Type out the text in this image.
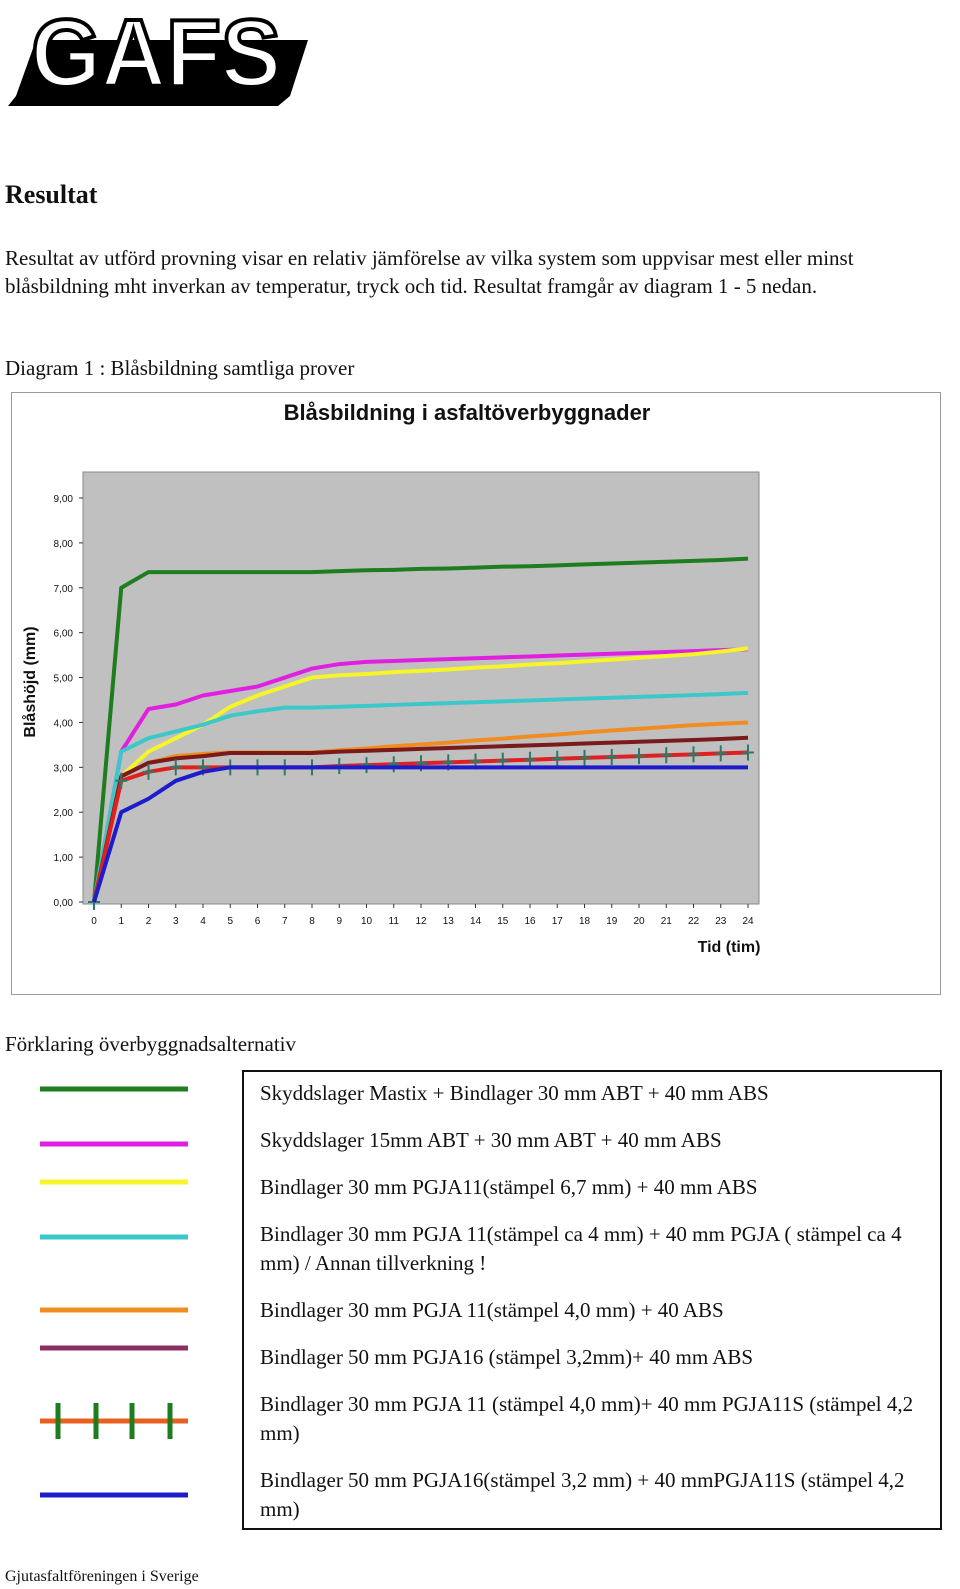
GAFS
Resultat

Resultat av utförd provning visar en relativ jämförelse av vilka system som uppvisar mest eller minst blåsbildning mht inverkan av temperatur, tryck och tid. Resultat framgår av diagram 1 - 5 nedan.

Diagram 1 : Blåsbildning samtliga prover

Blåsbildning i asfaltöverbyggnader
0,00
1,00
2,00
3,00
4,00
5,00
6,00
7,00
8,00
9,00
0 1 2 3 4 5 6 7 8 9 10 11 12 13 14 15 16 17 18 19 20 21 22 23 24
Tid (tim)
Blåshöjd (mm)

Förklaring överbyggnadsalternativ

Skyddslager Mastix + Bindlager 30 mm ABT + 40 mm ABS
Skyddslager 15mm ABT + 30 mm ABT + 40 mm ABS
Bindlager 30 mm PGJA11(stämpel 6,7 mm) + 40 mm ABS
Bindlager 30 mm PGJA 11(stämpel ca 4 mm) + 40 mm PGJA ( stämpel ca 4 mm) / Annan tillverkning !
Bindlager 30 mm PGJA 11(stämpel 4,0 mm) + 40 ABS
Bindlager 50 mm PGJA16 (stämpel 3,2mm)+ 40 mm ABS
Bindlager 30 mm PGJA 11 (stämpel 4,0 mm)+ 40 mm PGJA11S (stämpel 4,2 mm)
Bindlager 50 mm PGJA16(stämpel 3,2 mm) + 40 mmPGJA11S (stämpel 4,2 mm)
Gjutasfaltföreningen i Sverige
